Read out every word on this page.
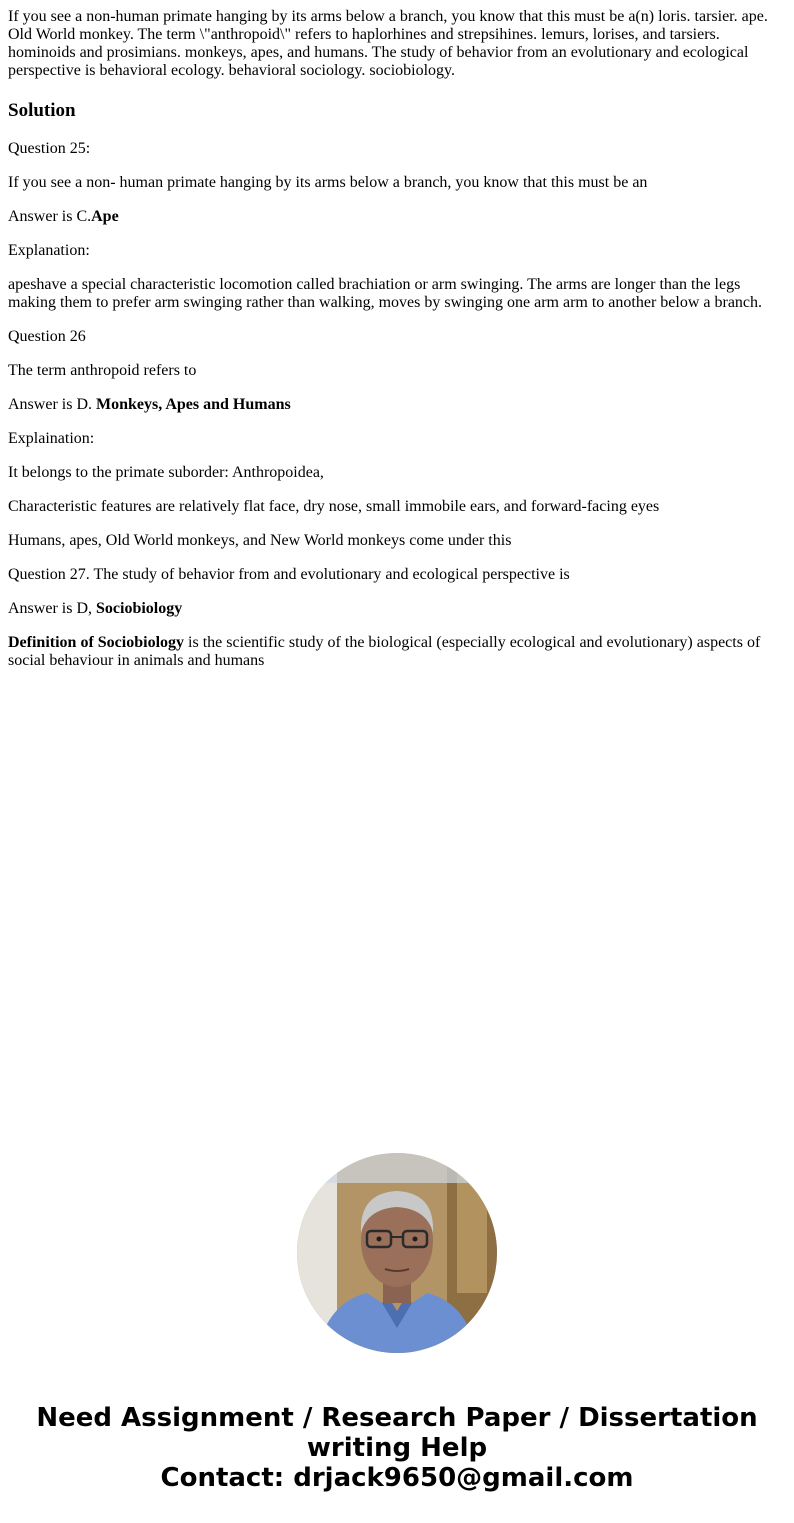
If you see a non-human primate hanging by its arms below a branch, you know that this must be a(n) loris. tarsier. ape. Old World monkey. The term \"anthropoid\" refers to haplorhines and strepsihines. lemurs, lorises, and tarsiers. hominoids and prosimians. monkeys, apes, and humans. The study of behavior from an evolutionary and ecological perspective is behavioral ecology. behavioral sociology. sociobiology.

Solution

Question 25:

If you see a non- human primate hanging by its arms below a branch, you know that this must be an

Answer is C.Ape

Explanation:

apeshave a special characteristic locomotion called brachiation or arm swinging. The arms are longer than the legs making them to prefer arm swinging rather than walking, moves by swinging one arm arm to another below a branch.

Question 26

The term anthropoid refers to

Answer is D. Monkeys, Apes and Humans

Explaination:

It belongs to the primate suborder: Anthropoidea,

Characteristic features are relatively flat face, dry nose, small immobile ears, and forward-facing eyes

Humans, apes, Old World monkeys, and New World monkeys come under this

Question 27. The study of behavior from and evolutionary and ecological perspective is

Answer is D, Sociobiology

Definition of Sociobiology is the scientific study of the biological (especially ecological and evolutionary) aspects of social behaviour in animals and humans

Need Assignment / Research Paper / Dissertation
writing Help
Contact: drjack9650@gmail.com
